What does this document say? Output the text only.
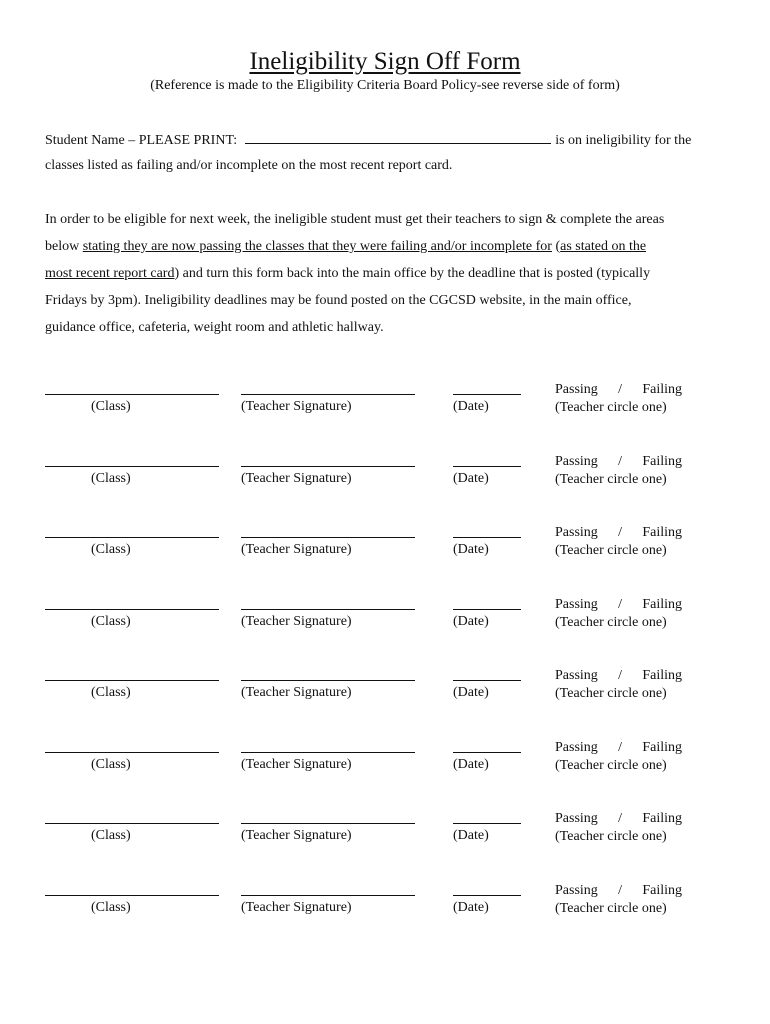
Ineligibility Sign Off Form

(Reference is made to the Eligibility Criteria Board Policy-see reverse side of form)

Student Name – PLEASE PRINT:	is on ineligibility for the
classes listed as failing and/or incomplete on the most recent report card.
In order to be eligible for next week, the ineligible student must get their teachers to sign & complete the areas
below stating they are now passing the classes that they were failing and/or incomplete for (as stated on the
most recent report card) and turn this form back into the main office by the deadline that is posted (typically
Fridays by 3pm). Ineligibility deadlines may be found posted on the CGCSD website, in the main office,
guidance office, cafeteria, weight room and athletic hallway.
(Class)	(Teacher Signature)	(Date)
Passing / Failing
(Teacher circle one)
(Class)	(Teacher Signature)	(Date)
Passing / Failing
(Teacher circle one)
(Class)	(Teacher Signature)	(Date)
Passing / Failing
(Teacher circle one)
(Class)	(Teacher Signature)	(Date)
Passing / Failing
(Teacher circle one)
(Class)	(Teacher Signature)	(Date)
Passing / Failing
(Teacher circle one)
(Class)	(Teacher Signature)	(Date)
Passing / Failing
(Teacher circle one)
(Class)	(Teacher Signature)	(Date)
Passing / Failing
(Teacher circle one)
(Class)	(Teacher Signature)	(Date)
Passing / Failing
(Teacher circle one)
